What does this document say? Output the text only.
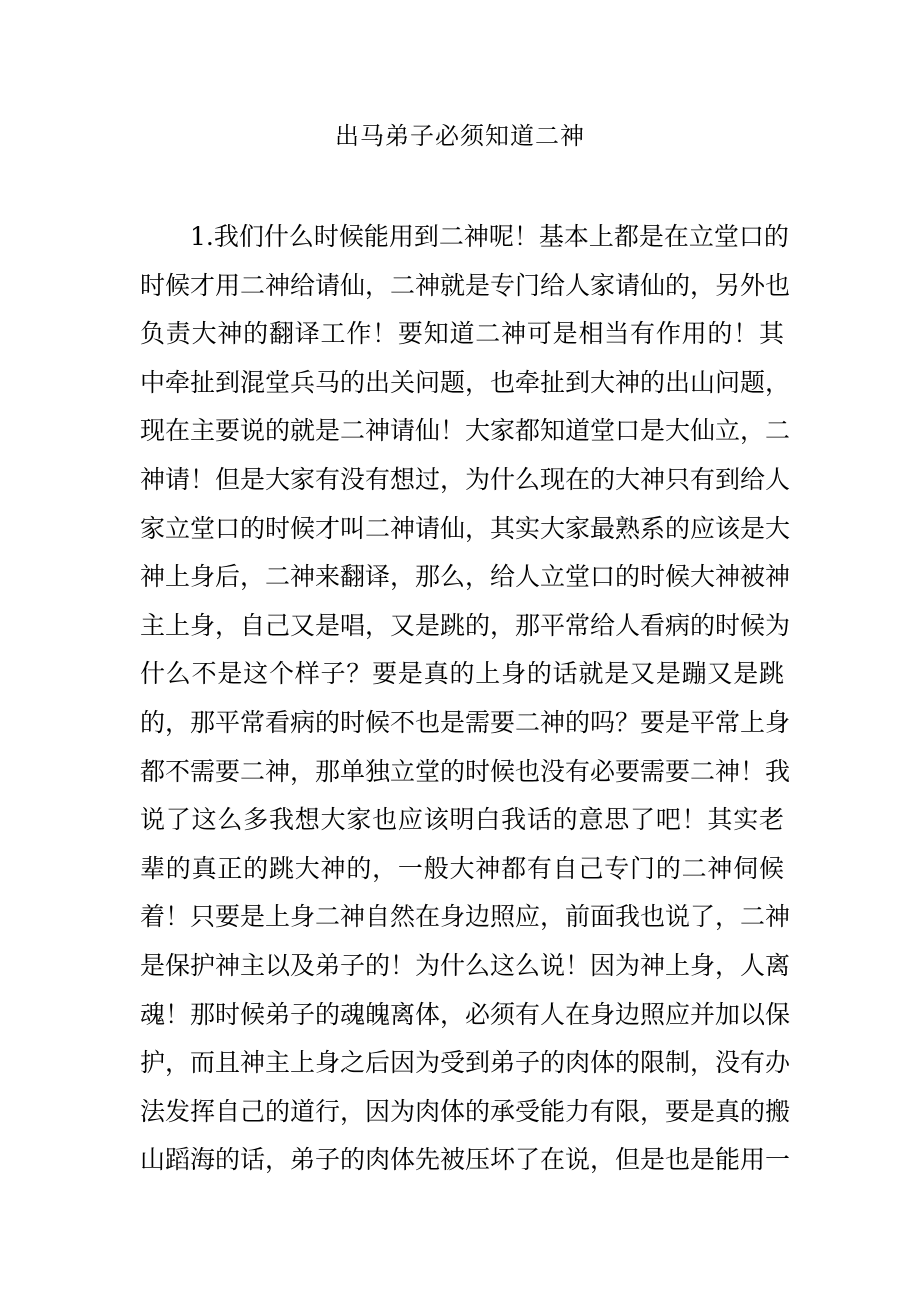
出马弟子必须知道二神
1.我们什么时候能用到二神呢！基本上都是在立堂口的
时候才用二神给请仙，二神就是专门给人家请仙的，另外也
负责大神的翻译工作！要知道二神可是相当有作用的！其
中牵扯到混堂兵马的出关问题，也牵扯到大神的出山问题，
现在主要说的就是二神请仙！大家都知道堂口是大仙立，二
神请！但是大家有没有想过，为什么现在的大神只有到给人
家立堂口的时候才叫二神请仙，其实大家最熟系的应该是大
神上身后，二神来翻译，那么，给人立堂口的时候大神被神
主上身，自己又是唱，又是跳的，那平常给人看病的时候为
什么不是这个样子？要是真的上身的话就是又是蹦又是跳
的，那平常看病的时候不也是需要二神的吗？要是平常上身
都不需要二神，那单独立堂的时候也没有必要需要二神！我
说了这么多我想大家也应该明白我话的意思了吧！其实老
辈的真正的跳大神的，一般大神都有自己专门的二神伺候
着！只要是上身二神自然在身边照应，前面我也说了，二神
是保护神主以及弟子的！为什么这么说！因为神上身，人离
魂！那时候弟子的魂魄离体，必须有人在身边照应并加以保
护，而且神主上身之后因为受到弟子的肉体的限制，没有办
法发挥自己的道行，因为肉体的承受能力有限，要是真的搬
山蹈海的话，弟子的肉体先被压坏了在说，但是也是能用一
